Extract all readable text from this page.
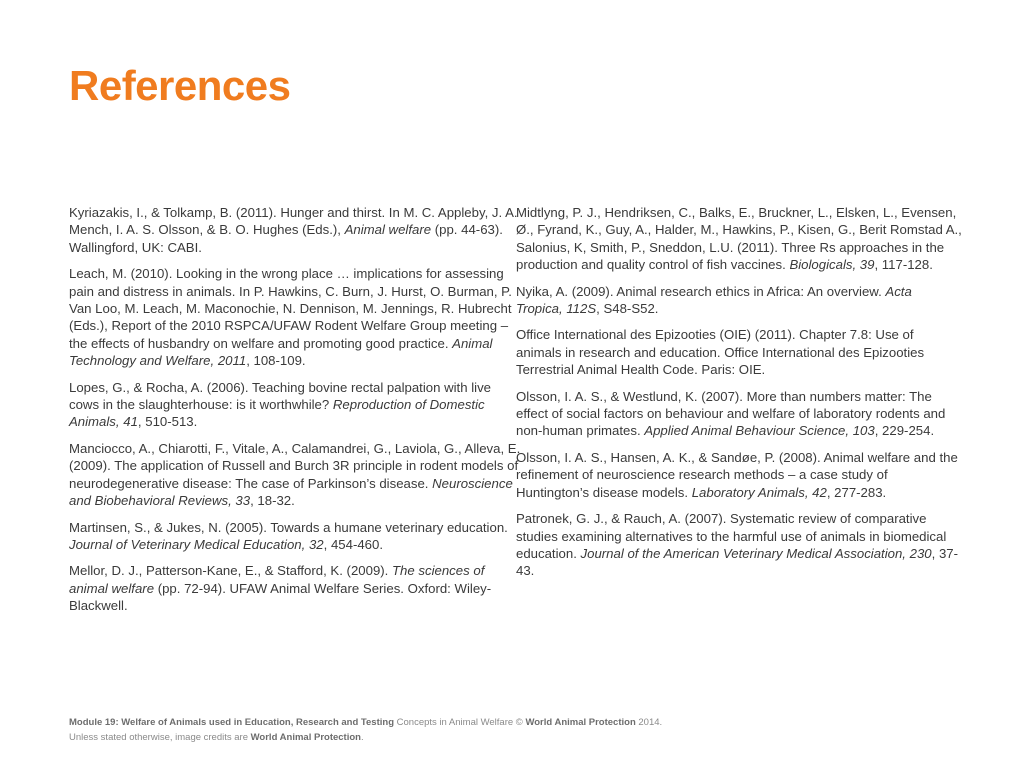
References

Kyriazakis, I., & Tolkamp, B. (2011). Hunger and thirst. In M. C. Appleby, J. A. Mench, I. A. S. Olsson, & B. O. Hughes (Eds.), Animal welfare (pp. 44-63). Wallingford, UK: CABI.

Leach, M. (2010). Looking in the wrong place … implications for assessing pain and distress in animals. In P. Hawkins, C. Burn, J. Hurst, O. Burman, P. Van Loo, M. Leach, M. Maconochie, N. Dennison, M. Jennings, R. Hubrecht (Eds.), Report of the 2010 RSPCA/UFAW Rodent Welfare Group meeting – the effects of husbandry on welfare and promoting good practice. Animal Technology and Welfare, 2011, 108-109.

Lopes, G., & Rocha, A. (2006). Teaching bovine rectal palpation with live cows in the slaughterhouse: is it worthwhile? Reproduction of Domestic Animals, 41, 510-513.

Manciocco, A., Chiarotti, F., Vitale, A., Calamandrei, G., Laviola, G., Alleva, E. (2009). The application of Russell and Burch 3R principle in rodent models of neurodegenerative disease: The case of Parkinson’s disease. Neuroscience and Biobehavioral Reviews, 33, 18-32.

Martinsen, S., & Jukes, N. (2005). Towards a humane veterinary education. Journal of Veterinary Medical Education, 32, 454-460.

Mellor, D. J., Patterson-Kane, E., & Stafford, K. (2009). The sciences of animal welfare (pp. 72-94). UFAW Animal Welfare Series. Oxford: Wiley-Blackwell.

Midtlyng, P. J., Hendriksen, C., Balks, E., Bruckner, L., Elsken, L., Evensen, Ø., Fyrand, K., Guy, A., Halder, M., Hawkins, P., Kisen, G., Berit Romstad A., Salonius, K, Smith, P., Sneddon, L.U. (2011). Three Rs approaches in the production and quality control of fish vaccines. Biologicals, 39, 117-128.

Nyika, A. (2009). Animal research ethics in Africa: An overview. Acta Tropica, 112S, S48-S52.

Office International des Epizooties (OIE) (2011). Chapter 7.8: Use of animals in research and education. Office International des Epizooties Terrestrial Animal Health Code. Paris: OIE.

Olsson, I. A. S., & Westlund, K. (2007). More than numbers matter: The effect of social factors on behaviour and welfare of laboratory rodents and non-human primates. Applied Animal Behaviour Science, 103, 229-254.

Olsson, I. A. S., Hansen, A. K., & Sandøe, P. (2008). Animal welfare and the refinement of neuroscience research methods – a case study of Huntington’s disease models. Laboratory Animals, 42, 277-283.

Patronek, G. J., & Rauch, A. (2007). Systematic review of comparative studies examining alternatives to the harmful use of animals in biomedical education. Journal of the American Veterinary Medical Association, 230, 37-43.

Module 19: Welfare of Animals used in Education, Research and Testing Concepts in Animal Welfare © World Animal Protection 2014.
Unless stated otherwise, image credits are World Animal Protection.
